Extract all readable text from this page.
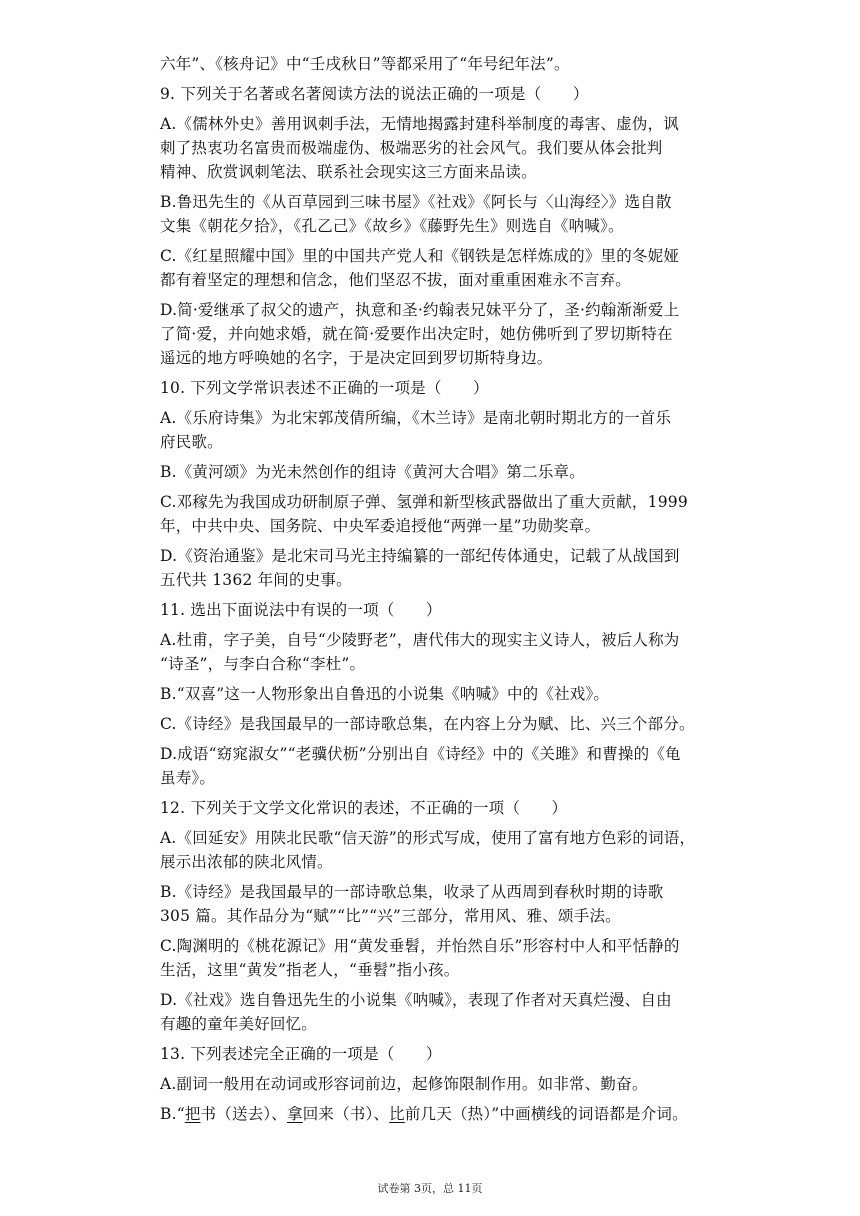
六年”、《核舟记》中“壬戌秋日”等都采用了“年号纪年法”。
9. 下列关于名著或名著阅读方法的说法正确的一项是（　　）
A.《儒林外史》善用讽刺手法，无情地揭露封建科举制度的毒害、虚伪，讽
刺了热衷功名富贵而极端虚伪、极端恶劣的社会风气。我们要从体会批判
精神、欣赏讽刺笔法、联系社会现实这三方面来品读。
B.鲁迅先生的《从百草园到三味书屋》《社戏》《阿长与〈山海经〉》选自散
文集《朝花夕拾》，《孔乙己》《故乡》《藤野先生》则选自《呐喊》。
C.《红星照耀中国》里的中国共产党人和《钢铁是怎样炼成的》里的冬妮娅
都有着坚定的理想和信念，他们坚忍不拔，面对重重困难永不言弃。
D.简·爱继承了叔父的遗产，执意和圣·约翰表兄妹平分了，圣·约翰渐渐爱上
了简·爱，并向她求婚，就在简·爱要作出决定时，她仿佛听到了罗切斯特在
遥远的地方呼唤她的名字，于是决定回到罗切斯特身边。
10. 下列文学常识表述不正确的一项是（　　）
A.《乐府诗集》为北宋郭茂倩所编，《木兰诗》是南北朝时期北方的一首乐
府民歌。
B.《黄河颂》为光未然创作的组诗《黄河大合唱》第二乐章。
C.邓稼先为我国成功研制原子弹、氢弹和新型核武器做出了重大贡献，1999
年，中共中央、国务院、中央军委追授他“两弹一星”功勋奖章。
D.《资治通鉴》是北宋司马光主持编纂的一部纪传体通史，记载了从战国到
五代共 1362 年间的史事。
11. 选出下面说法中有误的一项（　　）
A.杜甫，字子美，自号“少陵野老”，唐代伟大的现实主义诗人，被后人称为
“诗圣”，与李白合称“李杜”。
B.“双喜”这一人物形象出自鲁迅的小说集《呐喊》中的《社戏》。
C.《诗经》是我国最早的一部诗歌总集，在内容上分为赋、比、兴三个部分。
D.成语“窈窕淑女”“老骥伏枥”分别出自《诗经》中的《关雎》和曹操的《龟
虽寿》。
12. 下列关于文学文化常识的表述，不正确的一项（　　）
A.《回延安》用陕北民歌“信天游”的形式写成，使用了富有地方色彩的词语，
展示出浓郁的陕北风情。
B.《诗经》是我国最早的一部诗歌总集，收录了从西周到春秋时期的诗歌
305 篇。其作品分为“赋”“比”“兴”三部分，常用风、雅、颂手法。
C.陶渊明的《桃花源记》用“黄发垂髫，并怡然自乐”形容村中人和平恬静的
生活，这里“黄发”指老人，“垂髫”指小孩。
D.《社戏》选自鲁迅先生的小说集《呐喊》，表现了作者对天真烂漫、自由
有趣的童年美好回忆。
13. 下列表述完全正确的一项是（　　）
A.副词一般用在动词或形容词前边，起修饰限制作用。如非常、勤奋。
B.“把书（送去）、拿回来（书）、比前几天（热）”中画横线的词语都是介词。
试卷第 3页，总 11页
